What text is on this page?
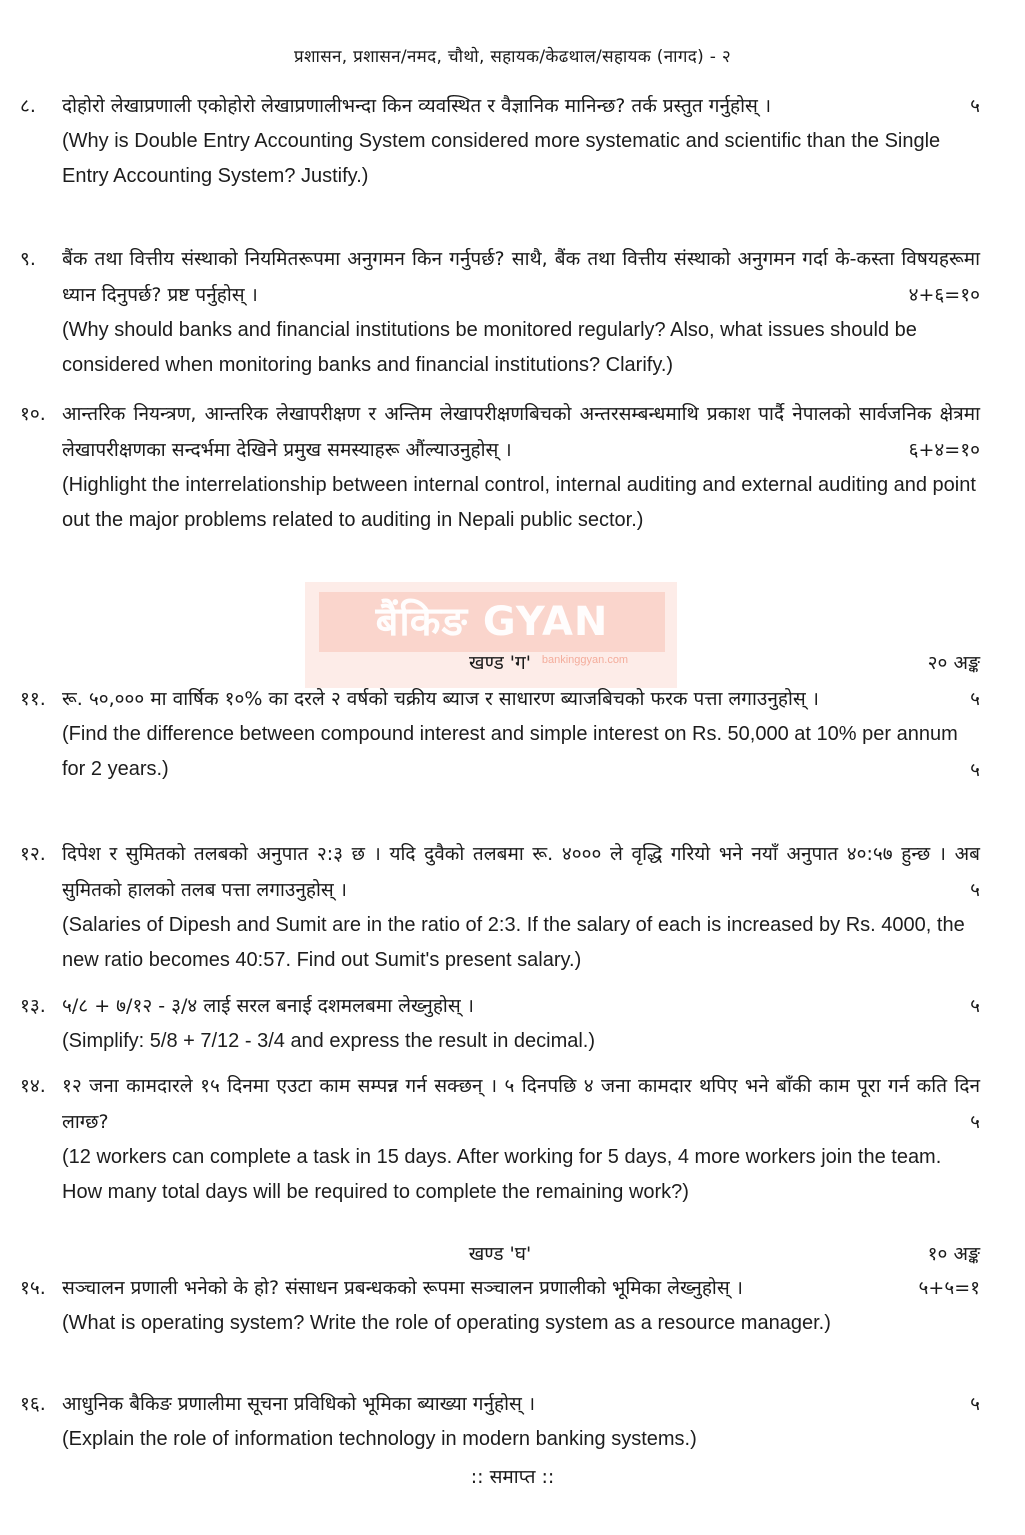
प्रशासन, प्रशासन/नमद, चौथो, सहायक/केढथाल/सहायक (नागद) - २
बैंकिङ GYAN
bankinggyan.com
८.	दोहोरो लेखाप्रणाली एकोहोरो लेखाप्रणालीभन्दा किन व्यवस्थित र वैज्ञानिक मानिन्छ? तर्क प्रस्तुत गर्नुहोस् ।	५

(Why is Double Entry Accounting System considered more systematic and scientific than the Single Entry Accounting System? Justify.)

९.	बैंक तथा वित्तीय संस्थाको नियमितरूपमा अनुगमन किन गर्नुपर्छ? साथै, बैंक तथा वित्तीय संस्थाको अनुगमन गर्दा के-कस्ता विषयहरूमा ध्यान दिनुपर्छ? प्रष्ट पर्नुहोस् ।	४+६=१०

(Why should banks and financial institutions be monitored regularly? Also, what issues should be considered when monitoring banks and financial institutions? Clarify.)

१०. आन्तरिक नियन्त्रण, आन्तरिक लेखापरीक्षण र अन्तिम लेखापरीक्षणबिचको अन्तरसम्बन्धमाथि प्रकाश पार्दै नेपालको सार्वजनिक क्षेत्रमा लेखापरीक्षणका सन्दर्भमा देखिने प्रमुख समस्याहरू औंल्याउनुहोस् ।	६+४=१०

(Highlight the interrelationship between internal control, internal auditing and external auditing and point out the major problems related to auditing in Nepali public sector.)

खण्ड 'ग'	२० अङ्क
११. रू. ५०,००० मा वार्षिक १०% का दरले २ वर्षको चक्रीय ब्याज र साधारण ब्याजबिचको फरक पत्ता लगाउनुहोस् ।	५

(Find the difference between compound interest and simple interest on Rs. 50,000 at 10% per annum for 2 years.)	५
१२. दिपेश र सुमितको तलबको अनुपात २:३ छ । यदि दुवैको तलबमा रू. ४००० ले वृद्धि गरियो भने नयाँ अनुपात ४०:५७ हुन्छ । अब सुमितको हालको तलब पत्ता लगाउनुहोस् ।	५

(Salaries of Dipesh and Sumit are in the ratio of 2:3. If the salary of each is increased by Rs. 4000, the new ratio becomes 40:57. Find out Sumit's present salary.)

१३. ५/८ + ७/१२ - ३/४ लाई सरल बनाई दशमलबमा लेख्नुहोस् ।	५

(Simplify: 5/8 + 7/12 - 3/4 and express the result in decimal.)

१४. १२ जना कामदारले १५ दिनमा एउटा काम सम्पन्न गर्न सक्छन् । ५ दिनपछि ४ जना कामदार थपिए भने बाँकी काम पूरा गर्न कति दिन लाग्छ?	५

(12 workers can complete a task in 15 days. After working for 5 days, 4 more workers join the team. How many total days will be required to complete the remaining work?)

खण्ड 'घ'	१० अङ्क
१५. सञ्चालन प्रणाली भनेको के हो? संसाधन प्रबन्धकको रूपमा सञ्चालन प्रणालीको भूमिका लेख्नुहोस् ।	५+५=१

(What is operating system? Write the role of operating system as a resource manager.)

१६. आधुनिक बैकिङ प्रणालीमा सूचना प्रविधिको भूमिका ब्याख्या गर्नुहोस् ।	५

(Explain the role of information technology in modern banking systems.)

:: समाप्त ::
